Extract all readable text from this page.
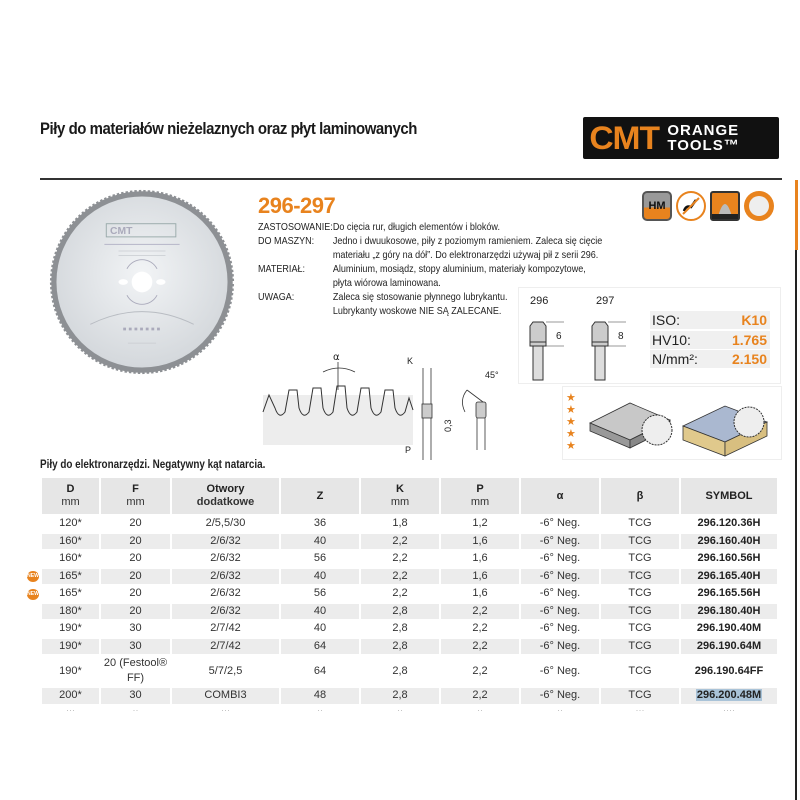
Piły do materiałów nieżelaznych oraz płyt laminowanych	CMT ORANGE
TOOLS™
CMT
296-297
ZASTOSOWANIE:Do cięcia rur, długich elementów i bloków.
DO MASZYN: Jedno i dwuukosowe, piły z poziomym ramieniem. Zaleca się cięcie
materiału „z góry na dół”. Do elektronarzędzi używaj pił z serii 296.
MATERIAŁ:	Aluminium, mosiądz, stopy aluminium, materiały kompozytowe,
płyta wiórowa laminowana.
UWAGA:	Zaleca się stosowanie płynnego lubrykantu.
Lubrykanty woskowe NIE SĄ ZALECANE.
HM
296	297
6	8
ISO:	K10
HV10:	1.765
N/mm²: 2.150
α	K
0,3
P
45°
★ ★ ★ ★ ★
Piły do elektronarzędzi. Negatywny kąt natarcia.
NEW
NEW
D
mm	F
mm	Otwory
dodatkowe	Z	K
mm	P
mm	α	β	SYMBOL
120*	20	2/5,5/30	36	1,8	1,2	-6° Neg.	TCG	296.120.36H
160*	20	2/6/32	40	2,2	1,6	-6° Neg.	TCG	296.160.40H
160*	20	2/6/32	56	2,2	1,6	-6° Neg.	TCG	296.160.56H
165*	20	2/6/32	40	2,2	1,6	-6° Neg.	TCG	296.165.40H
165*	20	2/6/32	56	2,2	1,6	-6° Neg.	TCG	296.165.56H
180*	20	2/6/32	40	2,8	2,2	-6° Neg.	TCG	296.180.40H
190*	30	2/7/42	40	2,8	2,2	-6° Neg.	TCG	296.190.40M
190*	30	2/7/42	64	2,8	2,2	-6° Neg.	TCG	296.190.64M
190*	20 (Festool® FF)	5/7/2,5	64	2,8	2,2	-6° Neg.	TCG	296.190.64FF
200*	30	COMBI3	48	2,8	2,2	-6° Neg.	TCG	296.200.48M
···	··	···	··	··	··	··	···	····
